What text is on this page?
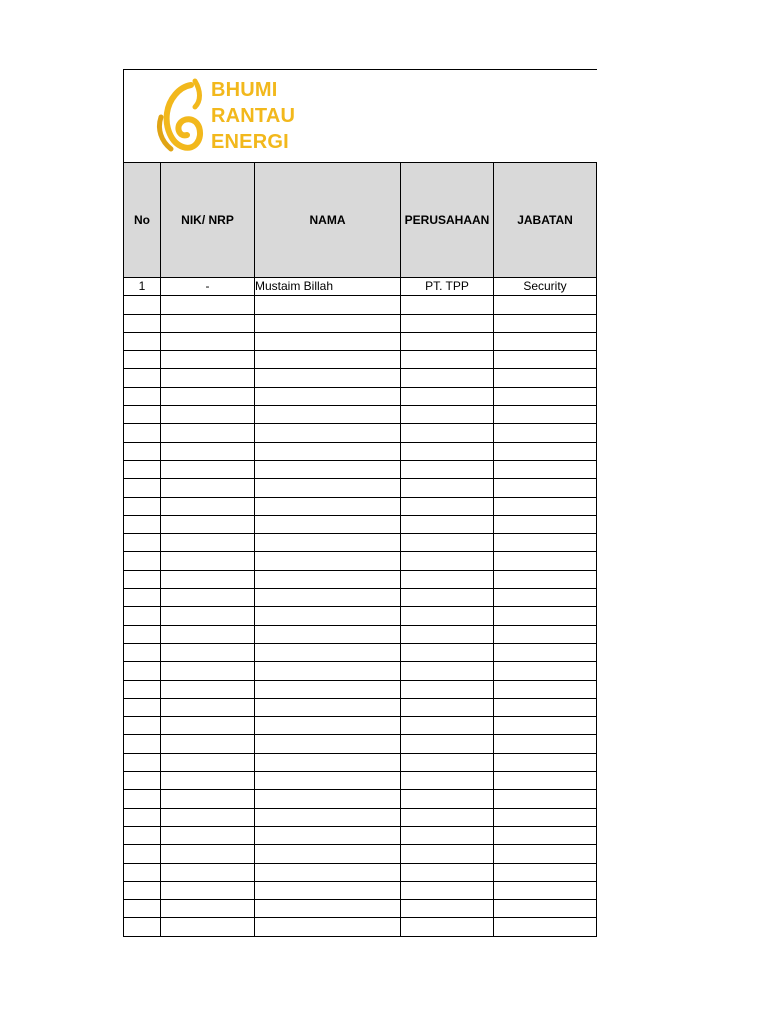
BHUMI
RANTAU
ENERGI
No	NIK/ NRP	NAMA	PERUSAHAAN	JABATAN
1	-	Mustaim Billah	PT. TPP	Security
